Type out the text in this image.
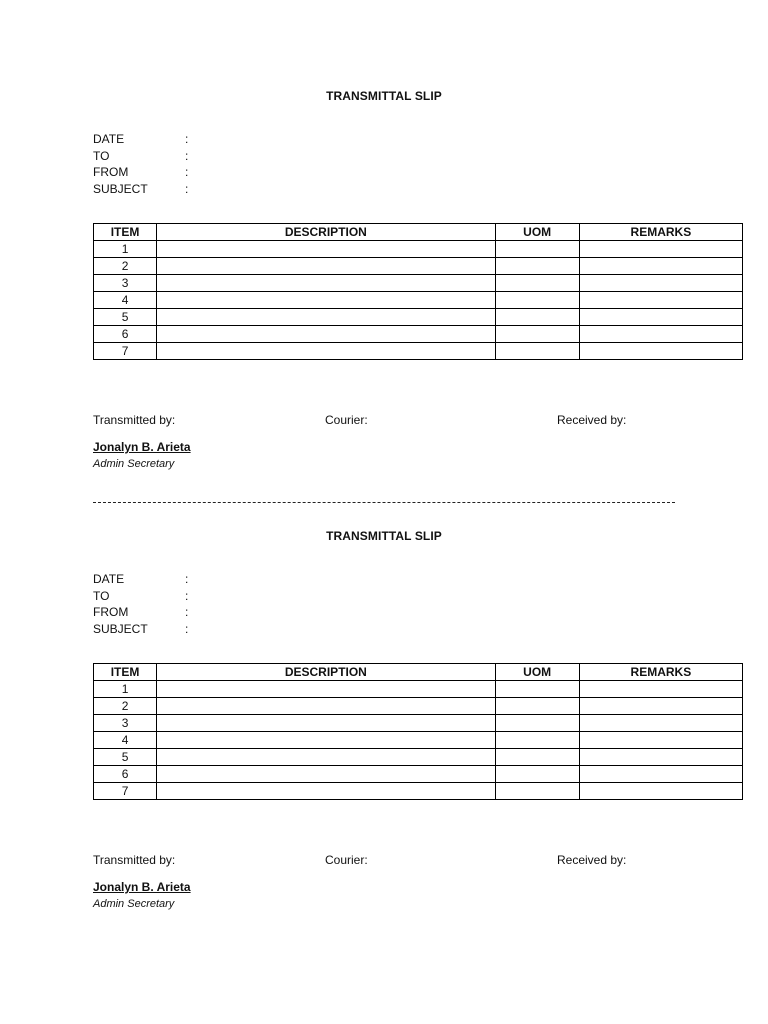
TRANSMITTAL SLIP
DATE	:
TO	:
FROM	:
SUBJECT	:
ITEM	DESCRIPTION	UOM	REMARKS
1			
2			
3			
4			
5			
6			
7			
Transmitted by:	Courier:	Received by:
Jonalyn B. Arieta
Admin Secretary
TRANSMITTAL SLIP
DATE	:
TO	:
FROM	:
SUBJECT	:
ITEM	DESCRIPTION	UOM	REMARKS
1			
2			
3			
4			
5			
6			
7			
Transmitted by:	Courier:	Received by:
Jonalyn B. Arieta
Admin Secretary
